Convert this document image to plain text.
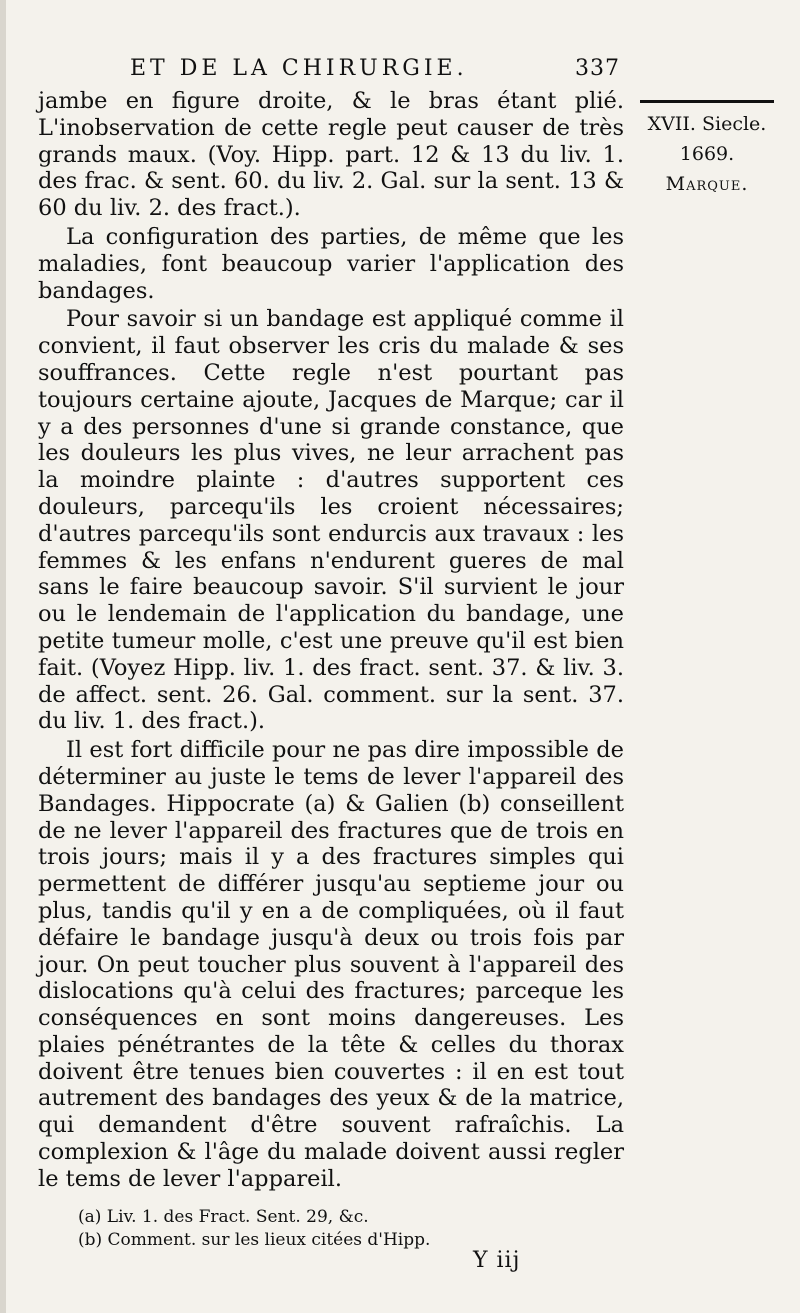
ET DE LA CHIRURGIE.	337

jambe en figure droite, & le bras étant plié. L'inobservation de cette regle peut causer de très grands maux. (Voy. Hipp. part. 12 & 13 du liv. 1. des frac. & sent. 60. du liv. 2. Gal. sur la sent. 13 & 60 du liv. 2. des fract.).

La configuration des parties, de même que les maladies, font beaucoup varier l'application des bandages.

Pour savoir si un bandage est appliqué comme il convient, il faut observer les cris du malade & ses souffrances. Cette regle n'est pourtant pas toujours certaine ajoute, Jacques de Marque; car il y a des personnes d'une si grande constance, que les douleurs les plus vives, ne leur arrachent pas la moindre plainte : d'autres supportent ces douleurs, parcequ'ils les croient nécessaires; d'autres parcequ'ils sont endurcis aux travaux : les femmes & les enfans n'endurent gueres de mal sans le faire beaucoup savoir. S'il survient le jour ou le lendemain de l'application du bandage, une petite tumeur molle, c'est une preuve qu'il est bien fait. (Voyez Hipp. liv. 1. des fract. sent. 37. & liv. 3. de affect. sent. 26. Gal. comment. sur la sent. 37. du liv. 1. des fract.).

Il est fort difficile pour ne pas dire impossible de déterminer au juste le tems de lever l'appareil des Bandages. Hippocrate (a) & Galien (b) conseillent de ne lever l'appareil des fractures que de trois en trois jours; mais il y a des fractures simples qui permettent de différer jusqu'au septieme jour ou plus, tandis qu'il y en a de compliquées, où il faut défaire le bandage jusqu'à deux ou trois fois par jour. On peut toucher plus souvent à l'appareil des dislocations qu'à celui des fractures; parceque les conséquences en sont moins dangereuses. Les plaies pénétrantes de la tête & celles du thorax doivent être tenues bien couvertes : il en est tout autrement des bandages des yeux & de la matrice, qui demandent d'être souvent rafraîchis. La complexion & l'âge du malade doivent aussi regler le tems de lever l'appareil.

XVII. Siecle.
1669.
Marque.
(a) Liv. 1. des Fract. Sent. 29, &c.
(b) Comment. sur les lieux citées d'Hipp.
Y iij
